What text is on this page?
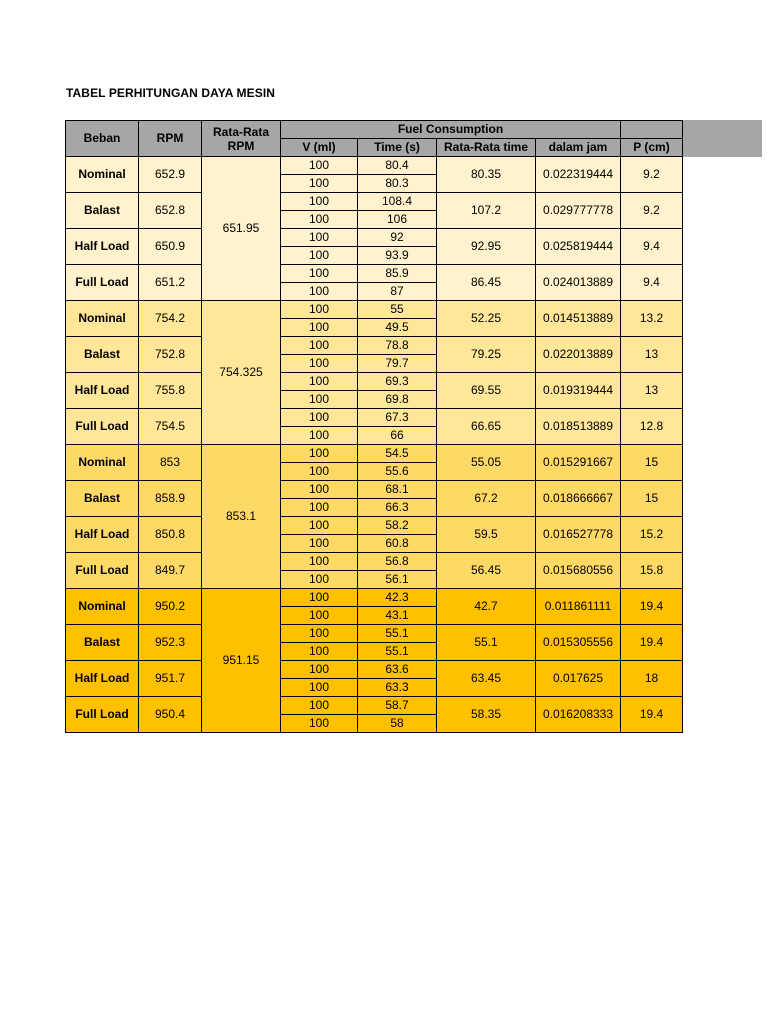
TABEL PERHITUNGAN DAYA MESIN
Beban	RPM	Rata-Rata
RPM	Fuel Consumption				
			V (ml)	Time (s)	Rata-Rata time	dalam jam	P (cm)
Nominal	652.9	651.95	100	80.4	80.35	0.022319444	9.2
			100	80.3			
Balast	652.8		100	108.4	107.2	0.029777778	9.2
			100	106			
Half Load	650.9		100	92	92.95	0.025819444	9.4
			100	93.9			
Full Load	651.2		100	85.9	86.45	0.024013889	9.4
			100	87			
Nominal	754.2	754.325	100	55	52.25	0.014513889	13.2
			100	49.5			
Balast	752.8		100	78.8	79.25	0.022013889	13
			100	79.7			
Half Load	755.8		100	69.3	69.55	0.019319444	13
			100	69.8			
Full Load	754.5		100	67.3	66.65	0.018513889	12.8
			100	66			
Nominal	853	853.1	100	54.5	55.05	0.015291667	15
			100	55.6			
Balast	858.9		100	68.1	67.2	0.018666667	15
			100	66.3			
Half Load	850.8		100	58.2	59.5	0.016527778	15.2
			100	60.8			
Full Load	849.7		100	56.8	56.45	0.015680556	15.8
			100	56.1			
Nominal	950.2	951.15	100	42.3	42.7	0.011861111	19.4
			100	43.1			
Balast	952.3		100	55.1	55.1	0.015305556	19.4
			100	55.1			
Half Load	951.7		100	63.6	63.45	0.017625	18
			100	63.3			
Full Load	950.4		100	58.7	58.35	0.016208333	19.4
			100	58			
